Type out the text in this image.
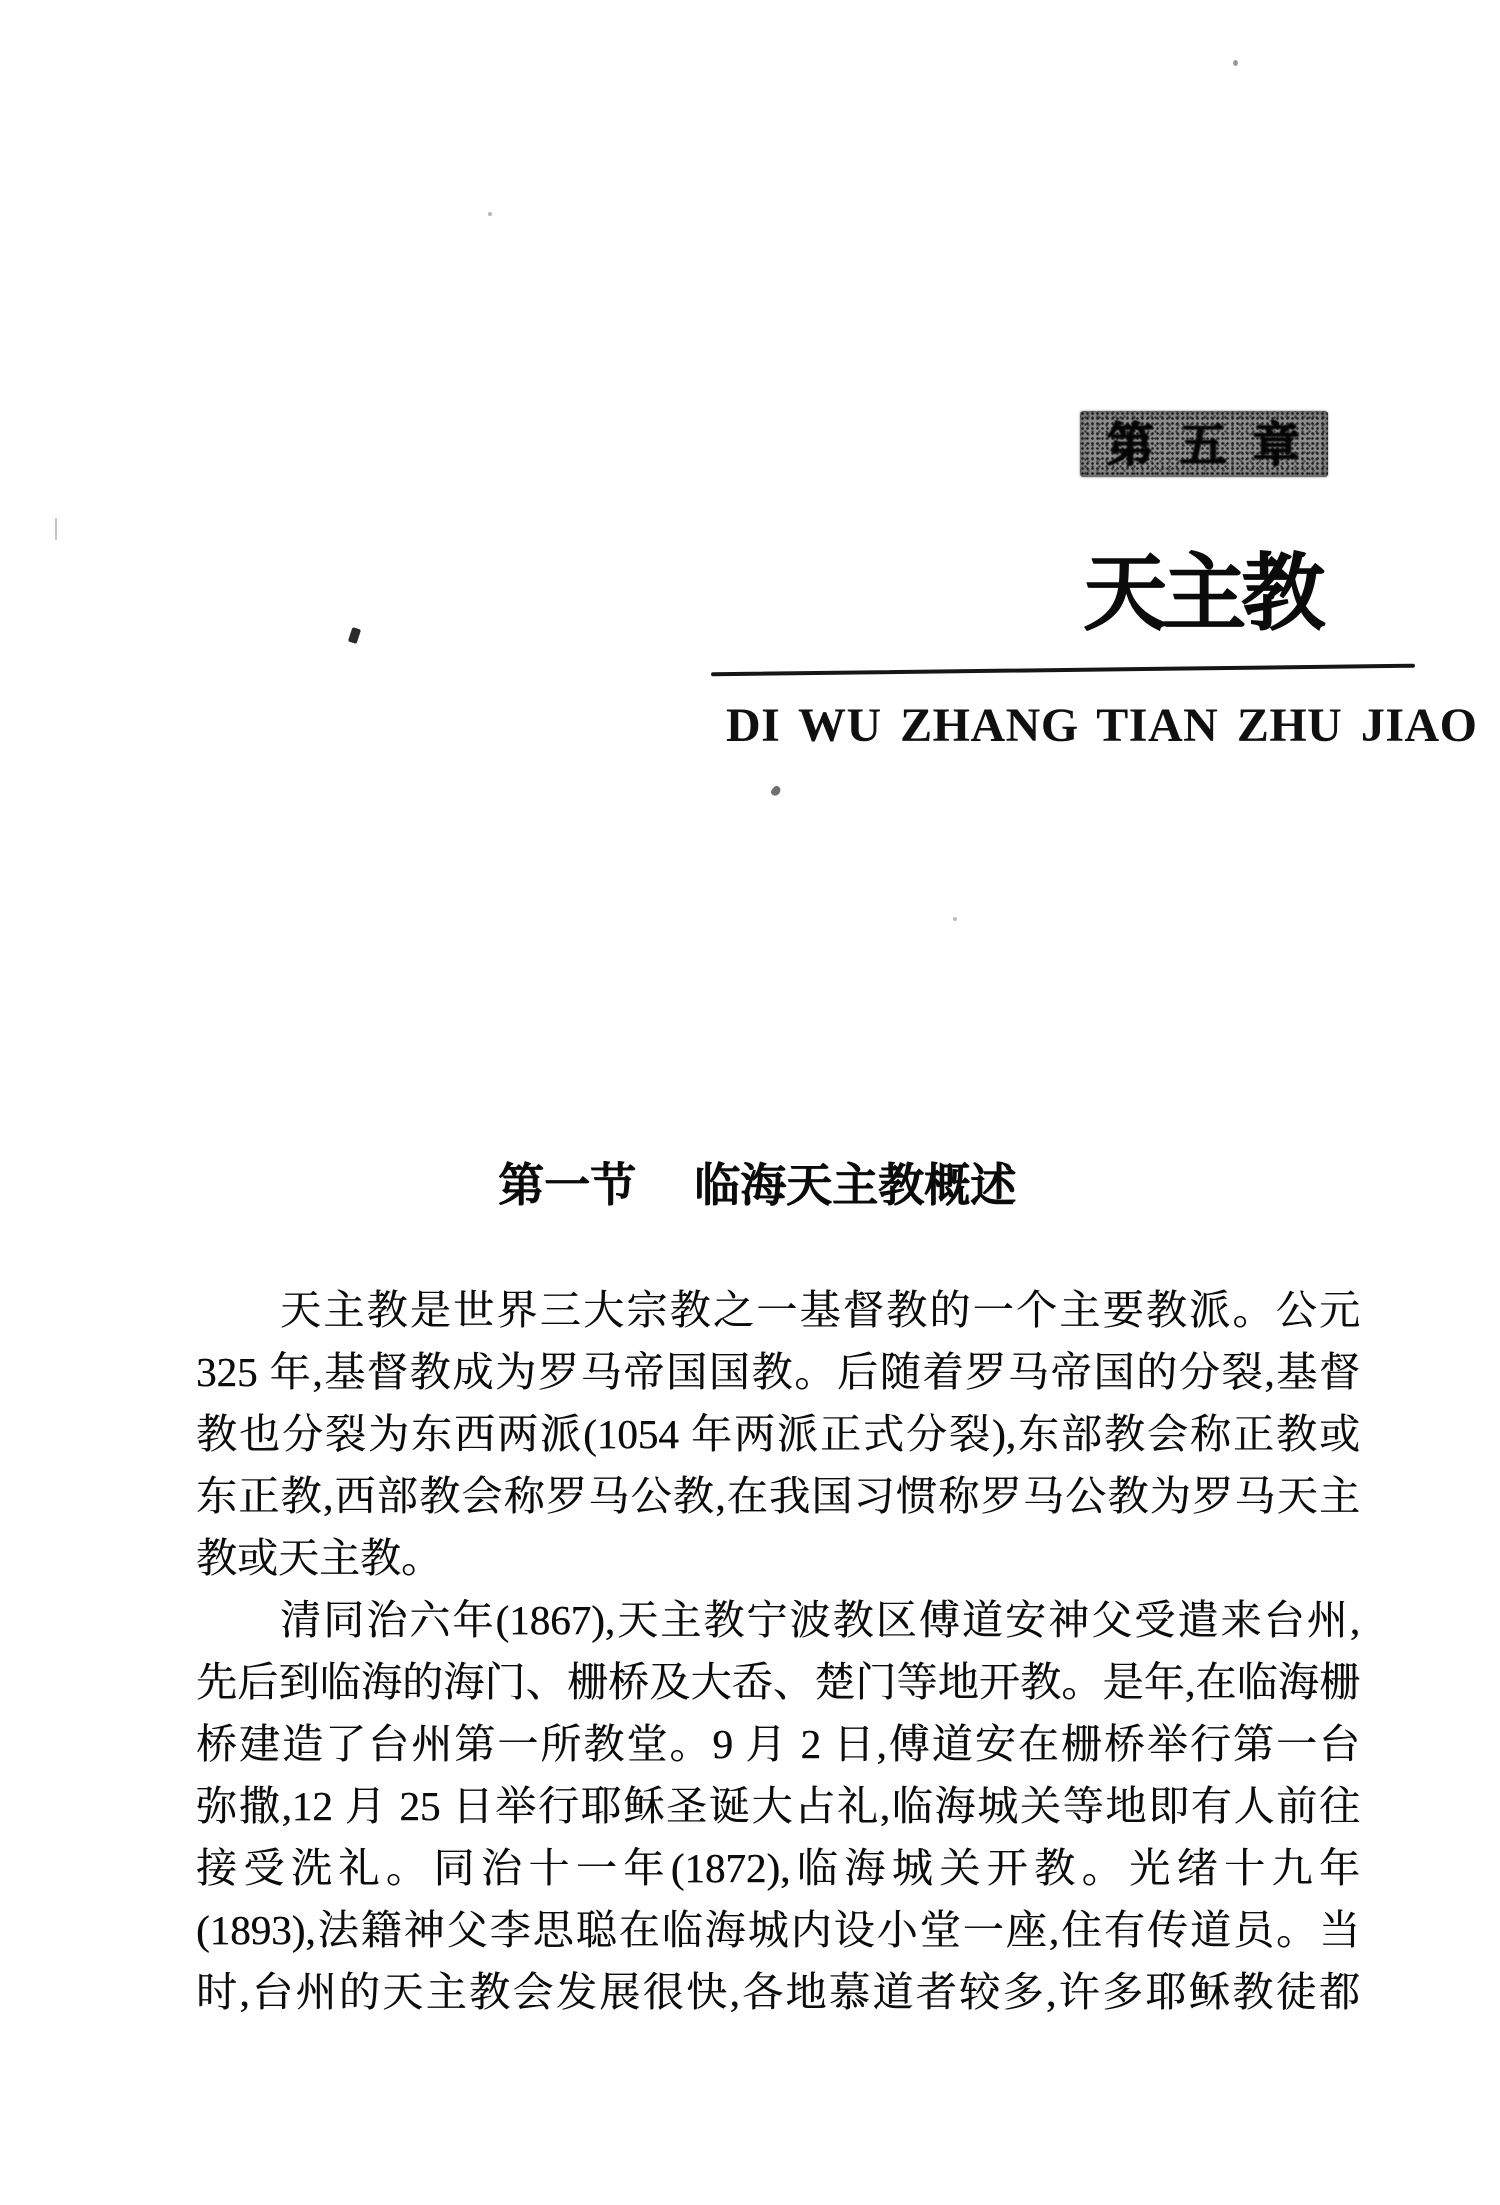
第五章
天主教
DI WU ZHANG TIAN ZHU JIAO
第一节 临海天主教概述
天主教是世界三大宗教之一基督教的一个主要教派。公元
325 年,基督教成为罗马帝国国教。后随着罗马帝国的分裂,基督
教也分裂为东西两派(1054 年两派正式分裂),东部教会称正教或
东正教,西部教会称罗马公教,在我国习惯称罗马公教为罗马天主
教或天主教。
清同治六年(1867),天主教宁波教区傅道安神父受遣来台州,
先后到临海的海门、栅桥及大岙、楚门等地开教。是年,在临海栅
桥建造了台州第一所教堂。9 月 2 日,傅道安在栅桥举行第一台
弥撒,12 月 25 日举行耶稣圣诞大占礼,临海城关等地即有人前往
接受洗礼。同治十一年(1872),临海城关开教。光绪十九年
(1893),法籍神父李思聪在临海城内设小堂一座,住有传道员。当
时,台州的天主教会发展很快,各地慕道者较多,许多耶稣教徒都
